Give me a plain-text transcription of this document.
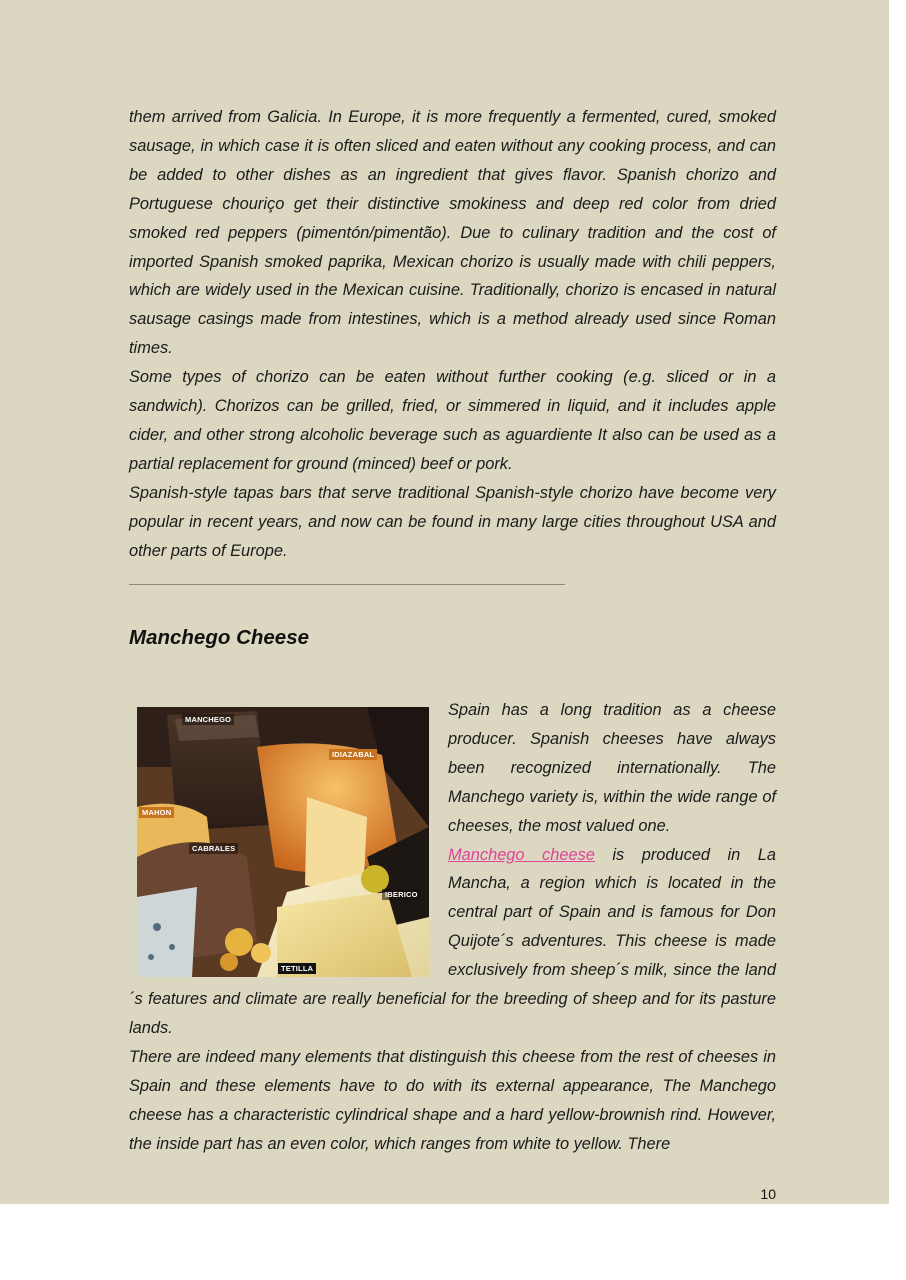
them arrived from Galicia. In Europe, it is more frequently a fermented, cured, smoked sausage, in which case it is often sliced and eaten without any cooking process, and can be added to other dishes as an ingredient that gives flavor. Spanish chorizo and Portuguese chouriço get their distinctive smokiness and deep red color from dried smoked red peppers (pimentón/pimentão). Due to culinary tradition and the cost of imported Spanish smoked paprika, Mexican chorizo is usually made with chili peppers, which are widely used in the Mexican cuisine. Traditionally, chorizo is encased in natural sausage casings made from intestines, which is a method already used since Roman times.

Some types of chorizo can be eaten without further cooking (e.g. sliced or in a sandwich). Chorizos can be grilled, fried, or simmered in liquid, and it includes apple cider, and other strong alcoholic beverage such as aguardiente It also can be used as a partial replacement for ground (minced) beef or pork.

Spanish-style tapas bars that serve traditional Spanish-style chorizo have become very popular in recent years, and now can be found in many large cities throughout USA and other parts of Europe.

Manchego Cheese
MANCHEGO
IDIAZABAL
MAHON
CABRALES
IBERICO
TETILLA

Spain has a long tradition as a cheese producer. Spanish cheeses have always been recognized internationally. The Manchego variety is, within the wide range of cheeses, the most valued one.

Manchego cheese is produced in La Mancha, a region which is located in the central part of Spain and is famous for Don Quijote´s adventures. This cheese is made exclusively from sheep´s milk, since the land´s features and climate are really beneficial for the breeding of sheep and for its pasture lands.

There are indeed many elements that distinguish this cheese from the rest of cheeses in Spain and these elements have to do with its external appearance, The Manchego cheese has a characteristic cylindrical shape and a hard yellow-brownish rind. However, the inside part has an even color, which ranges from white to yellow. There

10
